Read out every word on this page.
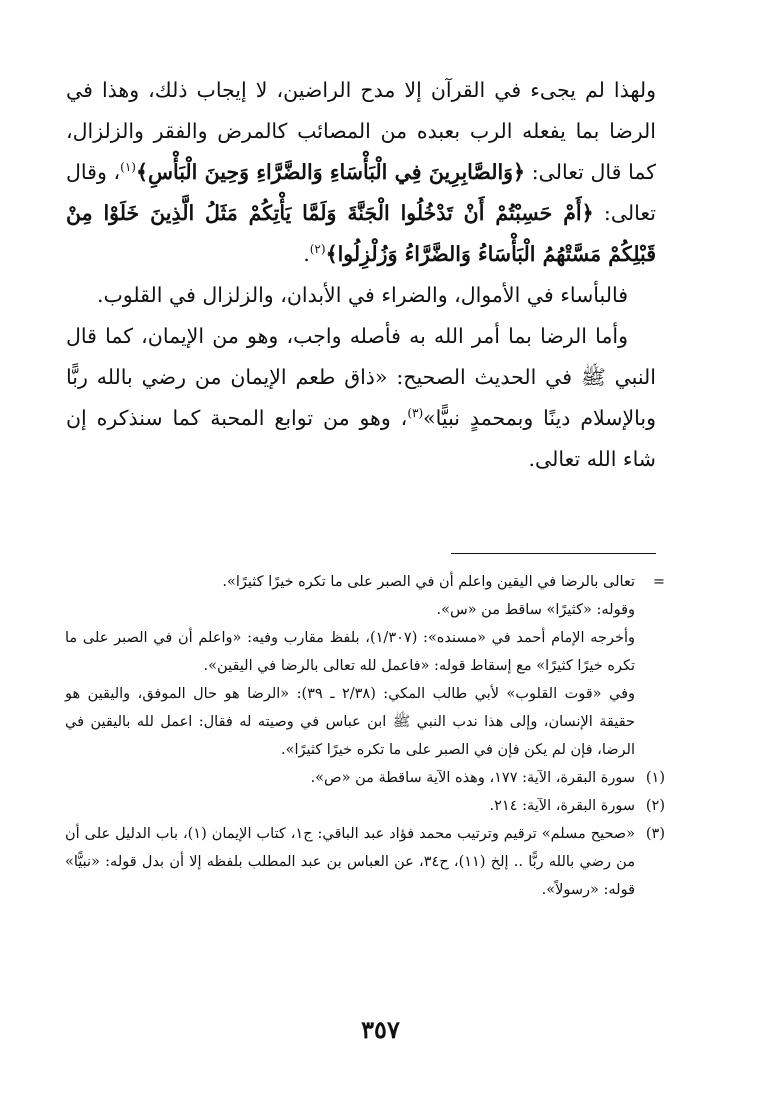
ولهذا لم يجىء في القرآن إلا مدح الراضين، لا إيجاب ذلك، وهذا في الرضا بما يفعله الرب بعبده من المصائب كالمرض والفقر والزلزال، كما قال تعالى: ﴿وَالصَّابِرِينَ فِي الْبَأْسَاءِ وَالضَّرَّاءِ وَحِينَ الْبَأْسِ﴾$^{(١)}$، وقال تعالى: ﴿أَمْ حَسِبْتُمْ أَنْ تَدْخُلُوا الْجَنَّةَ وَلَمَّا يَأْتِكُمْ مَثَلُ الَّذِينَ خَلَوْا مِنْ قَبْلِكُمْ مَسَّتْهُمُ الْبَأْسَاءُ وَالضَّرَّاءُ وَزُلْزِلُوا﴾$^{(٢)}$.

فالبأساء في الأموال، والضراء في الأبدان، والزلزال في القلوب.

وأما الرضا بما أمر الله به فأصله واجب، وهو من الإيمان، كما قال النبي ﷺ في الحديث الصحيح: «ذاق طعم الإيمان من رضي بالله ربًّا وبالإسلام دينًا وبمحمدٍ نبيًّا»$^{(٣)}$، وهو من توابع المحبة كما سنذكره إن شاء الله تعالى.

=

تعالى بالرضا في اليقين واعلم أن في الصبر على ما تكره خيرًا كثيرًا».

وقوله: «كثيرًا» ساقط من «س».

وأخرجه الإمام أحمد في «مسنده»: (١/٣٠٧)، بلفظ مقارب وفيه: «واعلم أن في الصبر على ما تكره خيرًا كثيرًا» مع إسقاط قوله: «فاعمل لله تعالى بالرضا في اليقين».

وفي «قوت القلوب» لأبي طالب المكي: (٢/٣٨ ـ ٣٩): «الرضا هو حال الموفق، واليقين هو حقيقة الإنسان، وإلى هذا ندب النبي ﷺ ابن عباس في وصيته له فقال: اعمل لله باليقين في الرضا، فإن لم يكن فإن في الصبر على ما تكره خيرًا كثيرًا».

(١)

سورة البقرة، الآية: ١٧٧، وهذه الآية ساقطة من «ص».

(٢)

سورة البقرة، الآية: ٢١٤.

(٣)

«صحيح مسلم» ترقيم وترتيب محمد فؤاد عبد الباقي: ج١، كتاب الإيمان (١)، باب الدليل على أن من رضي بالله ربًّا .. إلخ (١١)، ح٣٤، عن العباس بن عبد المطلب بلفظه إلا أن بدل قوله: «نبيًّا» قوله: «رسولاً».

٣٥٧
